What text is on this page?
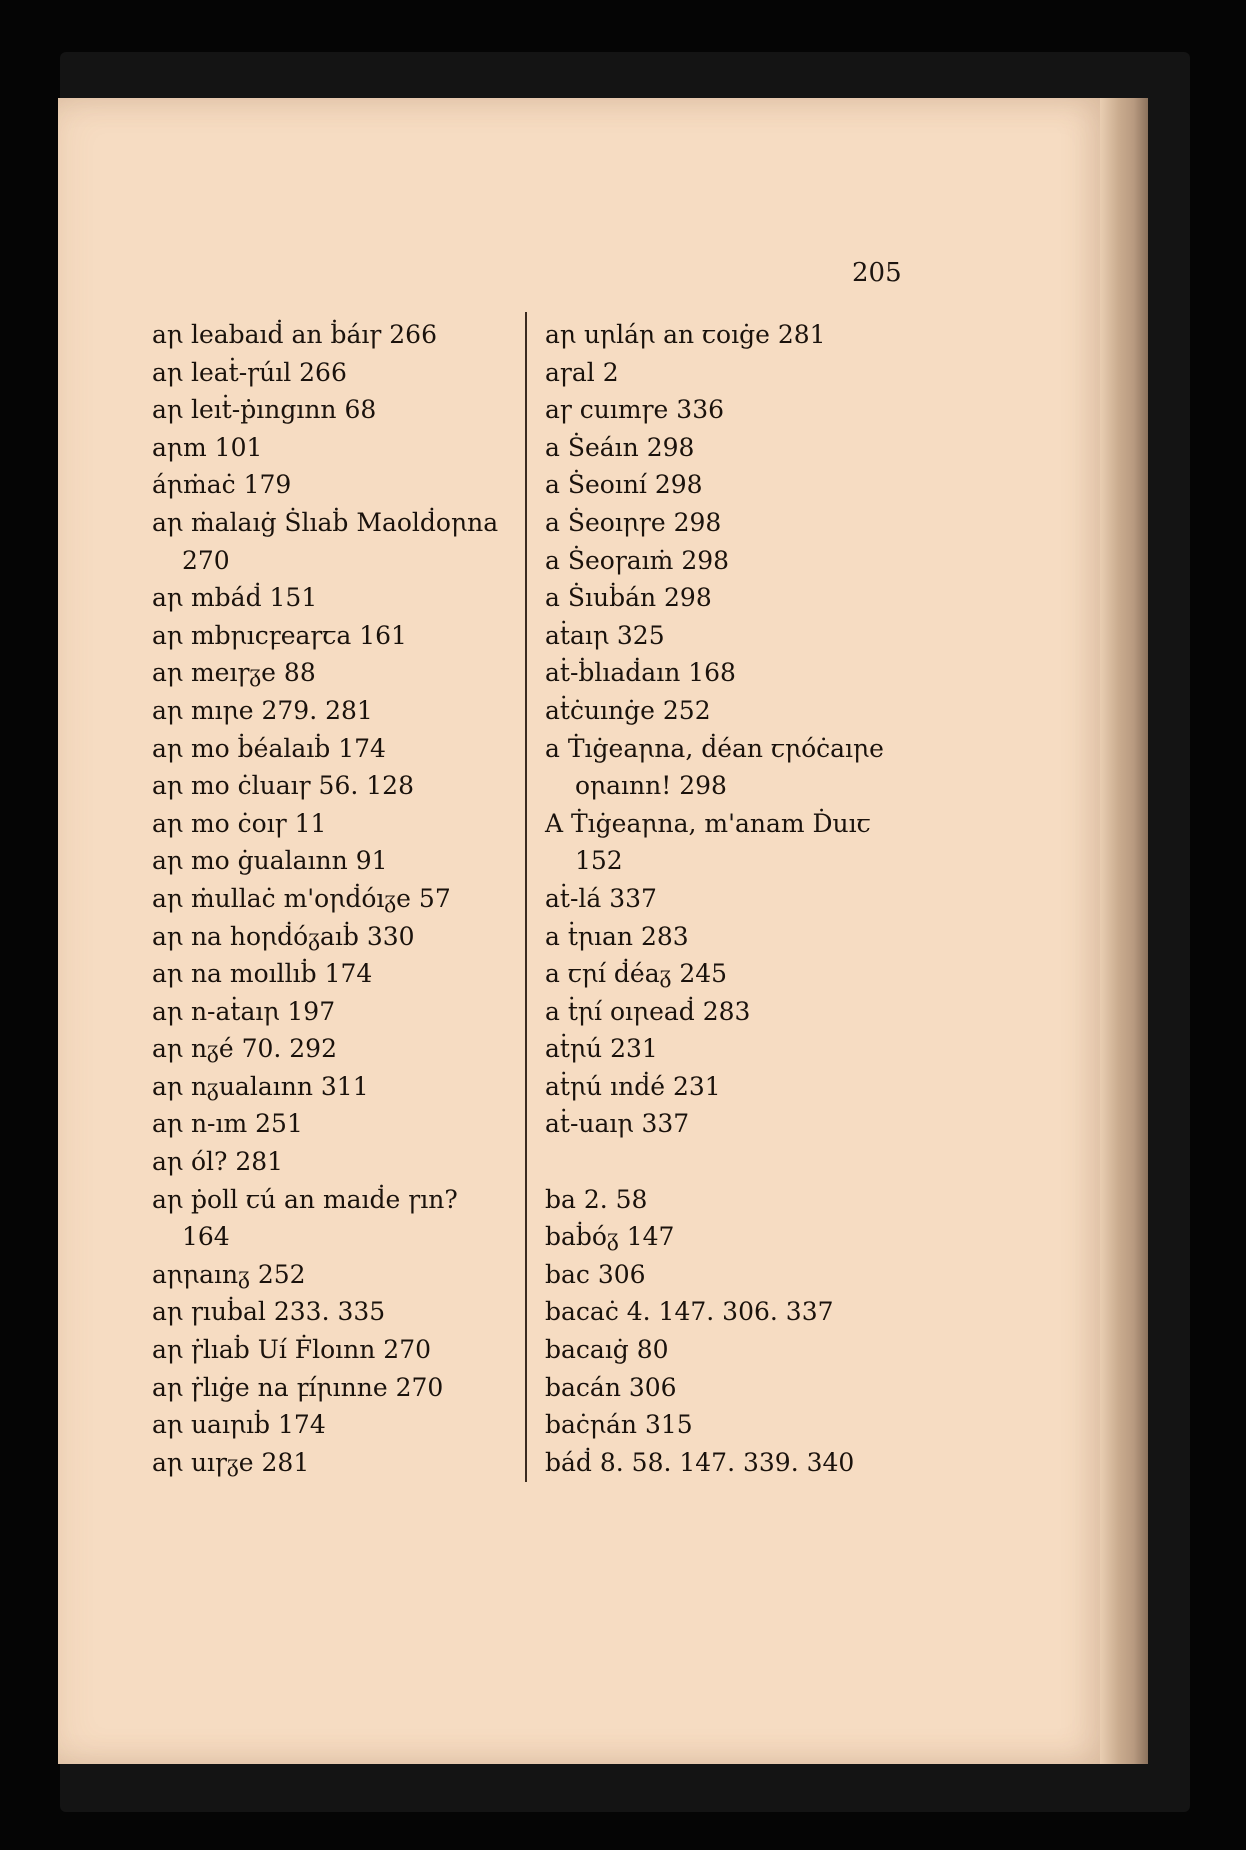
205
aꞃ leabaıḋ an ḃáıꞅ 266
aꞃ leaṫ-ꞅúıl 266
aꞃ leıṫ-ṗıngınn 68
aꞃm 101
áꞃṁaċ 179
aꞃ ṁalaıġ Ṡlıaḃ Maolḋoꞃna
270
aꞃ mbáḋ 151
aꞃ mbꞃıcꝼeaꞅꞇa 161
aꞃ meıꞅᵹe 88
aꞃ mıꞃe 279. 281
aꞃ mo ḃéalaıḃ 174
aꞃ mo ċluaıꞅ 56. 128
aꞃ mo ċoıꞅ 11
aꞃ mo ġualaınn 91
aꞃ ṁullaċ m'oꞃḋóıᵹe 57
aꞃ na hoꞃḋóᵹaıḃ 330
aꞃ na moıllıḃ 174
aꞃ n-aṫaıꞃ 197
aꞃ nᵹé 70. 292
aꞃ nᵹualaınn 311
aꞃ n-ım 251
aꞃ ól? 281
aꞃ ṗoll ꞇú an maıḋe ꞅın?
164
aꞃꞃaınᵹ 252
aꞃ ꞅıuḃal 233. 335
aꞃ ꞅ̇lıaḃ Uí Ḟloınn 270
aꞃ ꞅ̇lıġe na ꝼíꞃınne 270
aꞃ uaıꞃıḃ 174
aꞃ uıꞅᵹe 281
aꞃ uꞃláꞃ an ꞇoıġe 281
aꞅal 2
aꞅ cuımꞅe 336
a Ṡeáın 298
a Ṡeoıní 298
a Ṡeoıꞃꞅe 298
a Ṡeoꞅaıṁ 298
a Ṡıuḃán 298
aṫaıꞃ 325
aṫ-ḃlıaḋaın 168
aṫċuınġe 252
a Ṫıġeaꞃna, ḋéan ꞇꞃóċaıꞃe
oꞃaınn! 298
A Ṫıġeaꞃna, m'anam Ḋuıꞇ
152
aṫ-lá 337
a ṫꞃıan 283
a ꞇꞃí ḋéaᵹ 245
a ṫꞃí oıꞃeaḋ 283
aṫꞃú 231
aṫꞃú ınḋé 231
aṫ-uaıꞃ 337
ba 2. 58
baḃóᵹ 147
bac 306
bacaċ 4. 147. 306. 337
bacaıġ 80
bacán 306
baċꞃán 315
báḋ 8. 58. 147. 339. 340
